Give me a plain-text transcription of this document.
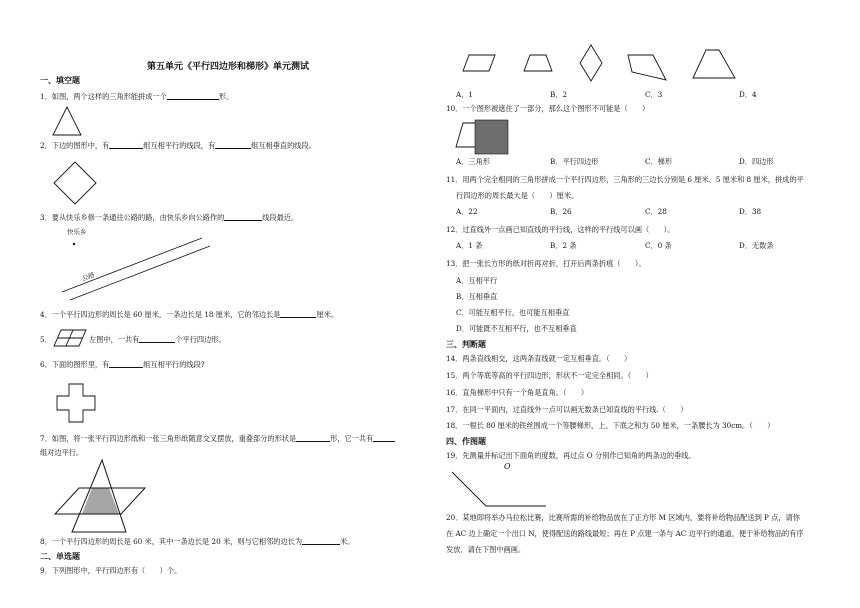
第五单元《平行四边形和梯形》单元测试
一、填空题
1．如图，两个这样的三角形能拼成一个	形。
2．下边的图形中，有	组互相平行的线段，有	组互相垂直的线段。
3．要从快乐乡修一条通往公路的路，由快乐乡向公路作的	线段最近。
快乐乡
公路
4．一个平行四边形的周长是 60 厘米，一条边长是 18 厘米，它的邻边长是	厘米。
5．	左图中，一共有	个平行四边形。
6．下面的图形里，有	组互相平行的线段?
7．如图，将一张平行四边形纸和一张三角形纸随意交叉摆放，重叠部分的形状是	形，它一共有
组对边平行。
8．一个平行四边形的周长是 60 米，其中一条边长是 20 米，则与它相邻的边长为	米。
二、单选题
9．下列图形中，平行四边形有（　　）个。
A．1	B．2	C．3	D．4
10．一个图形被遮住了一部分，那么这个图形不可能是（　　）
A．三角形	B．平行四边形	C．梯形	D．四边形
11．用两个完全相同的三角形拼成一个平行四边形，三角形的三边长分别是 6 厘米、5 厘米和 8 厘米，拼成的平
行四边形的周长最大是（　　）厘米。
A．22	B．26	C．28	D．38
12．过直线外一点画已知直线的平行线，这样的平行线可以画（　　）。
A．1 条	B．2 条	C．0 条	D．无数条
13．把一张长方形的纸对折再对折，打开后两条折痕（　　）。
A．互相平行
B．互相垂直
C．可能互相平行，也可能互相垂直
D．可能既不互相平行，也不互相垂直
三、判断题
14．两条直线相交，这两条直线就一定互相垂直。（　　）
15．两个等底等高的平行四边形，形状不一定完全相同。（　　）
16．直角梯形中只有一个角是直角。（　　）
17．在同一平面内，过直线外一点可以画无数条已知直线的平行线.（　　）
18．一根长 80 厘米的铁丝围成一个等腰梯形，上、下底之和为 50 厘米，一条腰长为 30cm。（　　）
四、作图题
19．先测量并标记出下面角的度数，再过点 O 分别作已知角的两条边的垂线。
O
20．某地即将举办马拉松比赛，比赛所需的补给物品放在了正方形 M 区域内，要将补给物品配送到 P 点，请你
在 AC 边上确定一个出口 N，使得配送的路线最短；再在 P 点建一条与 AC 边平行的通道，便于补给物品的有序
发放．请在下图中画画。
